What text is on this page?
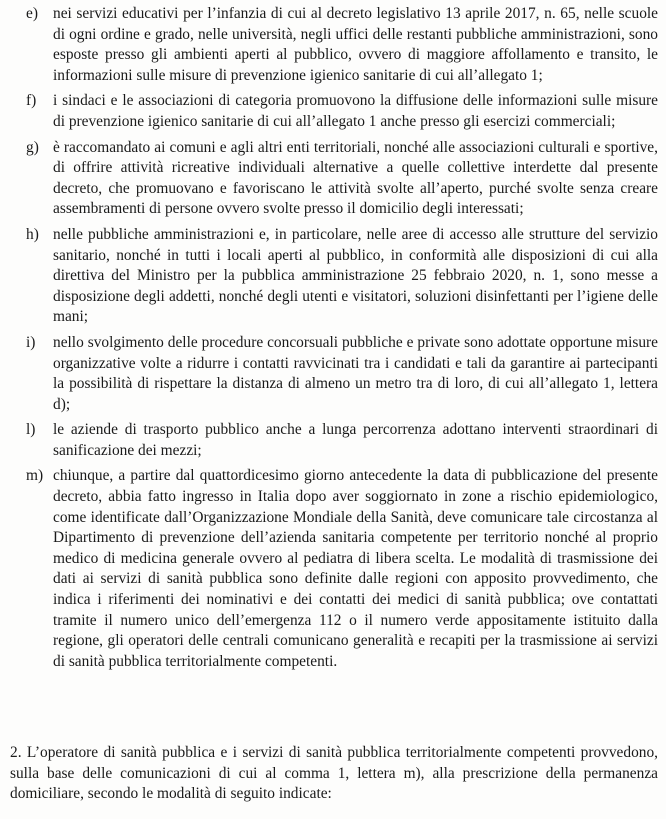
e) nei servizi educativi per l’infanzia di cui al decreto legislativo 13 aprile 2017, n. 65, nelle scuole di ogni ordine e grado, nelle università, negli uffici delle restanti pubbliche amministrazioni, sono esposte presso gli ambienti aperti al pubblico, ovvero di maggiore affollamento e transito, le informazioni sulle misure di prevenzione igienico sanitarie di cui all’allegato 1;
f) i sindaci e le associazioni di categoria promuovono la diffusione delle informazioni sulle misure di prevenzione igienico sanitarie di cui all’allegato 1 anche presso gli esercizi commerciali;
g) è raccomandato ai comuni e agli altri enti territoriali, nonché alle associazioni culturali e sportive, di offrire attività ricreative individuali alternative a quelle collettive interdette dal presente decreto, che promuovano e favoriscano le attività svolte all’aperto, purché svolte senza creare assembramenti di persone ovvero svolte presso il domicilio degli interessati;
h) nelle pubbliche amministrazioni e, in particolare, nelle aree di accesso alle strutture del servizio sanitario, nonché in tutti i locali aperti al pubblico, in conformità alle disposizioni di cui alla direttiva del Ministro per la pubblica amministrazione 25 febbraio 2020, n. 1, sono messe a disposizione degli addetti, nonché degli utenti e visitatori, soluzioni disinfettanti per l’igiene delle mani;
i) nello svolgimento delle procedure concorsuali pubbliche e private sono adottate opportune misure organizzative volte a ridurre i contatti ravvicinati tra i candidati e tali da garantire ai partecipanti la possibilità di rispettare la distanza di almeno un metro tra di loro, di cui all’allegato 1, lettera d);
l) le aziende di trasporto pubblico anche a lunga percorrenza adottano interventi straordinari di sanificazione dei mezzi;
m) chiunque, a partire dal quattordicesimo giorno antecedente la data di pubblicazione del presente decreto, abbia fatto ingresso in Italia dopo aver soggiornato in zone a rischio epidemiologico, come identificate dall’Organizzazione Mondiale della Sanità, deve comunicare tale circostanza al Dipartimento di prevenzione dell’azienda sanitaria competente per territorio nonché al proprio medico di medicina generale ovvero al pediatra di libera scelta. Le modalità di trasmissione dei dati ai servizi di sanità pubblica sono definite dalle regioni con apposito provvedimento, che indica i riferimenti dei nominativi e dei contatti dei medici di sanità pubblica; ove contattati tramite il numero unico dell’emergenza 112 o il numero verde appositamente istituito dalla regione, gli operatori delle centrali comunicano generalità e recapiti per la trasmissione ai servizi di sanità pubblica territorialmente competenti.
2. L’operatore di sanità pubblica e i servizi di sanità pubblica territorialmente competenti provvedono, sulla base delle comunicazioni di cui al comma 1, lettera m), alla prescrizione della permanenza domiciliare, secondo le modalità di seguito indicate:
